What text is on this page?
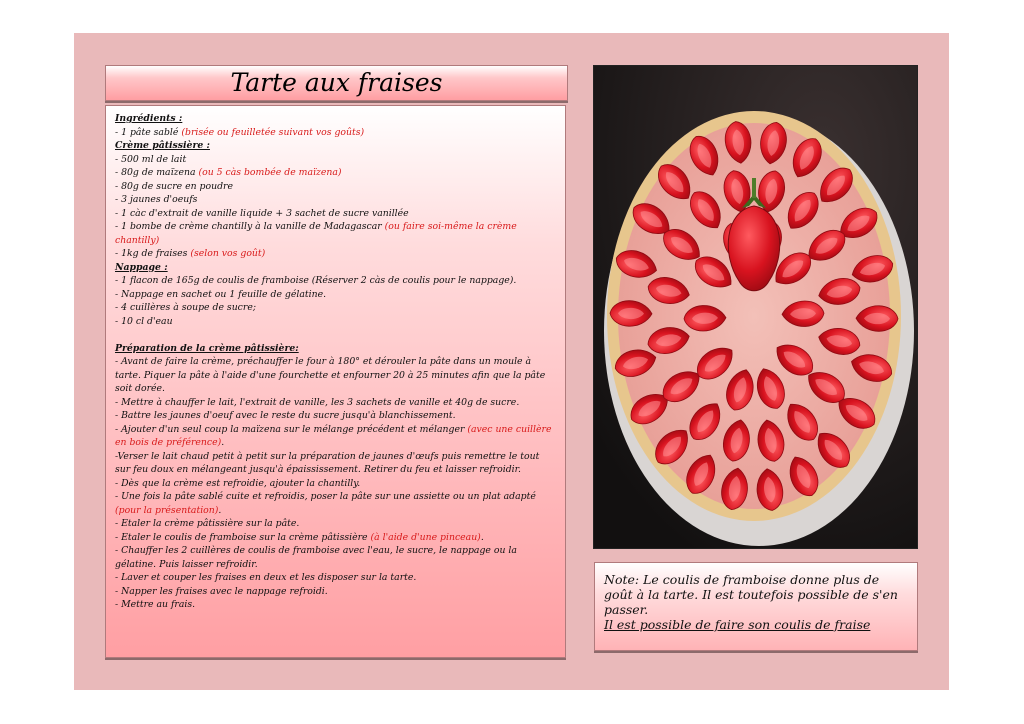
Tarte aux fraises

Ingrédients :

- 1 pâte sablé (brisée ou feuilletée suivant vos goûts)

Crème pâtissière :

- 500 ml de lait

- 80g de maïzena (ou 5 càs bombée de maïzena)

- 80g de sucre en poudre

- 3 jaunes d'oeufs

- 1 càc d'extrait de vanille liquide + 3 sachet de sucre vanillée

- 1 bombe de crème chantilly à la vanille de Madagascar (ou faire soi-même la crème chantilly)

- 1kg de fraises (selon vos goût)

Nappage :

- 1 flacon de 165g de coulis de framboise (Réserver 2 càs de coulis pour le nappage).

- Nappage en sachet ou 1 feuille de gélatine.

- 4 cuillères à soupe de sucre;

- 10 cl d'eau

Préparation de la crème pâtissière:

- Avant de faire la crème, préchauffer le four à 180° et dérouler la pâte dans un moule à tarte. Piquer la pâte à l'aide d'une fourchette et enfourner 20 à 25 minutes afin que la pâte soit dorée.

- Mettre à chauffer le lait, l'extrait de vanille, les 3 sachets de vanille et 40g de sucre.

- Battre les jaunes d'oeuf avec le reste du sucre jusqu'à blanchissement.

- Ajouter d'un seul coup la maïzena sur le mélange précédent et mélanger (avec une cuillère en bois de préférence).

-Verser le lait chaud petit à petit sur la préparation de jaunes d'œufs puis remettre le tout sur feu doux en mélangeant jusqu'à épaississement. Retirer du feu et laisser refroidir.

- Dès que la crème est refroidie, ajouter la chantilly.

- Une fois la pâte sablé cuite et refroidis, poser la pâte sur une assiette ou un plat adapté (pour la présentation).

- Etaler la crème pâtissière sur la pâte.

- Etaler le coulis de framboise sur la crème pâtissière (à l'aide d'une pinceau).

- Chauffer les 2 cuillères de coulis de framboise avec l'eau, le sucre, le nappage ou la gélatine. Puis laisser refroidir.

- Laver et couper les fraises en deux et les disposer sur la tarte.

- Napper les fraises avec le nappage refroidi.

- Mettre au frais.

Note: Le coulis de framboise donne plus de goût à la tarte. Il est toutefois possible de s'en passer.
Il est possible de faire son coulis de fraise
